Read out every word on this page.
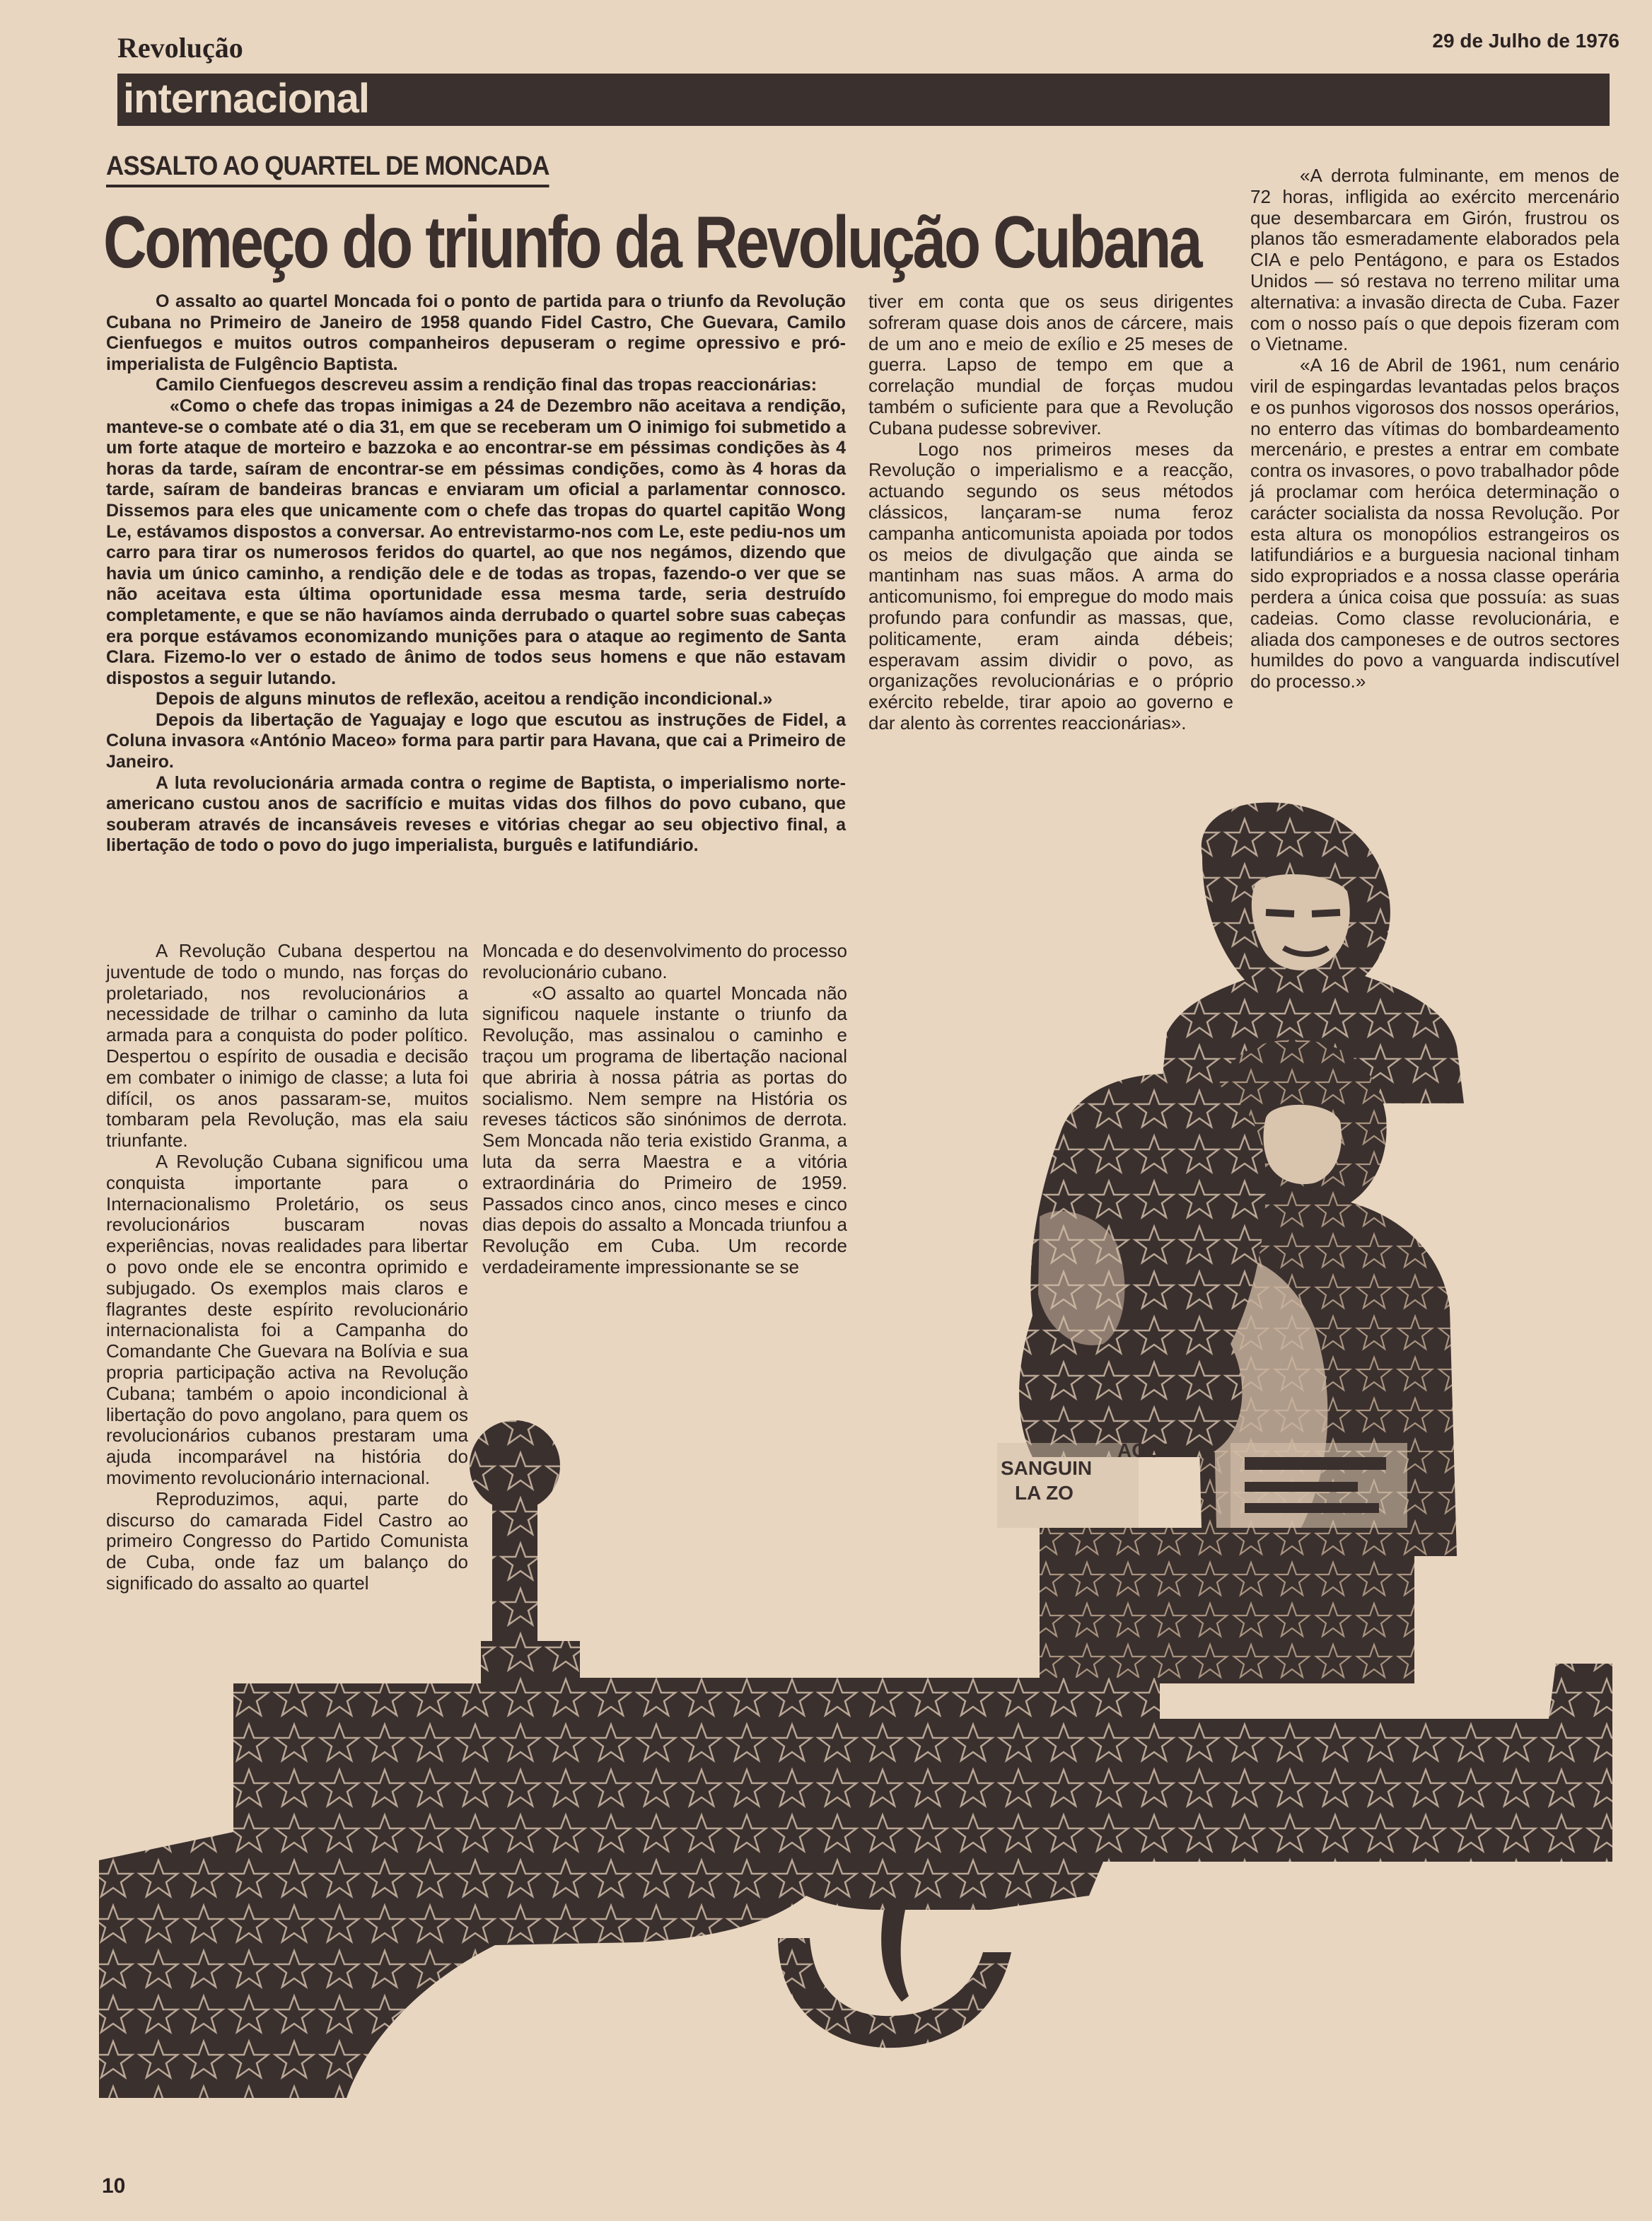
Revolução	29 de Julho de 1976
internacional
ASSALTO AO QUARTEL DE MONCADA
Começo do triunfo da Revolução Cubana

O assalto ao quartel Moncada foi o ponto de partida para o triunfo da Revolução Cubana no Primeiro de Janeiro de 1958 quando Fidel Castro, Che Guevara, Camilo Cienfuegos e muitos outros companheiros depuseram o regime opressivo e pró-imperialista de Fulgêncio Baptista.

Camilo Cienfuegos descreveu assim a rendição final das tropas reaccionárias:

«Como o chefe das tropas inimigas a 24 de Dezembro não aceitava a rendição, manteve-se o combate até o dia 31, em que se receberam um O inimigo foi submetido a um forte ataque de morteiro e bazzoka e ao encontrar-se em péssimas condições às 4 horas da tarde, saíram de encontrar-se em péssimas condições, como às 4 horas da tarde, saíram de bandeiras brancas e enviaram um oficial a parlamentar connosco. Dissemos para eles que unicamente com o chefe das tropas do quartel capitão Wong Le, estávamos dispostos a conversar. Ao entrevistarmo-nos com Le, este pediu-nos um carro para tirar os numerosos feridos do quartel, ao que nos negámos, dizendo que havia um único caminho, a rendição dele e de todas as tropas, fazendo-o ver que se não aceitava esta última oportunidade essa mesma tarde, seria destruído completamente, e que se não havíamos ainda derrubado o quartel sobre suas cabeças era porque estávamos economizando munições para o ataque ao regimento de Santa Clara. Fizemo-lo ver o estado de ânimo de todos seus homens e que não estavam dispostos a seguir lutando.

Depois de alguns minutos de reflexão, aceitou a rendição incondicional.»

Depois da libertação de Yaguajay e logo que escutou as instruções de Fidel, a Coluna invasora «António Maceo» forma para partir para Havana, que cai a Primeiro de Janeiro.

A luta revolucionária armada contra o regime de Baptista, o imperialismo norte-americano custou anos de sacrifício e muitas vidas dos filhos do povo cubano, que souberam através de incansáveis reveses e vitórias chegar ao seu objectivo final, a libertação de todo o povo do jugo imperialista, burguês e latifundiário.

tiver em conta que os seus dirigentes sofreram quase dois anos de cárcere, mais de um ano e meio de exílio e 25 meses de guerra. Lapso de tempo em que a correlação mundial de forças mudou também o suficiente para que a Revolução Cubana pudesse sobreviver.

Logo nos primeiros meses da Revolução o imperialismo e a reacção, actuando segundo os seus métodos clássicos, lançaram-se numa feroz campanha anticomunista apoiada por todos os meios de divulgação que ainda se mantinham nas suas mãos. A arma do anticomunismo, foi empregue do modo mais profundo para confundir as massas, que, politicamente, eram ainda débeis; esperavam assim dividir o povo, as organizações revolucionárias e o próprio exército rebelde, tirar apoio ao governo e dar alento às correntes reaccionárias».

«A derrota fulminante, em menos de 72 horas, infligida ao exército mercenário que desembarcara em Girón, frustrou os planos tão esmeradamente elaborados pela CIA e pelo Pentágono, e para os Estados Unidos — só restava no terreno militar uma alternativa: a invasão directa de Cuba. Fazer com o nosso país o que depois fizeram com o Vietname.

«A 16 de Abril de 1961, num cenário viril de espingardas levantadas pelos braços e os punhos vigorosos dos nossos operários, no enterro das vítimas do bombardeamento mercenário, e prestes a entrar em combate contra os invasores, o povo trabalhador pôde já proclamar com heróica determinação o carácter socialista da nossa Revolução. Por esta altura os monopólios estrangeiros os latifundiários e a burguesia nacional tinham sido expropriados e a nossa classe operária perdera a única coisa que possuía: as suas cadeias. Como classe revolucionária, e aliada dos camponeses e de outros sectores humildes do povo a vanguarda indiscutível do processo.»

A Revolução Cubana despertou na juventude de todo o mundo, nas forças do proletariado, nos revolucionários a necessidade de trilhar o caminho da luta armada para a conquista do poder político. Despertou o espírito de ousadia e decisão em combater o inimigo de classe; a luta foi difícil, os anos passaram-se, muitos tombaram pela Revolução, mas ela saiu triunfante.

A Revolução Cubana significou uma conquista importante para o Internacionalismo Proletário, os seus revolucionários buscaram novas experiências, novas realidades para libertar o povo onde ele se encontra oprimido e subjugado. Os exemplos mais claros e flagrantes deste espírito revolucionário internacionalista foi a Campanha do Comandante Che Guevara na Bolívia e sua propria participação activa na Revolução Cubana; também o apoio incondicional à libertação do povo angolano, para quem os revolucionários cubanos prestaram uma ajuda incomparável na história do movimento revolucionário internacional.

Reproduzimos, aqui, parte do discurso do camarada Fidel Castro ao primeiro Congresso do Partido Comunista de Cuba, onde faz um balanço do significado do assalto ao quartel

Moncada e do desenvolvimento do processo revolucionário cubano.

«O assalto ao quartel Moncada não significou naquele instante o triunfo da Revolução, mas assinalou o caminho e traçou um programa de libertação nacional que abriria à nossa pátria as portas do socialismo. Nem sempre na História os reveses tácticos são sinónimos de derrota. Sem Moncada não teria existido Granma, a luta da serra Maestra e a vitória extraordinária do Primeiro de 1959. Passados cinco anos, cinco meses e cinco dias depois do assalto a Moncada triunfou a Revolução em Cuba. Um recorde verdadeiramente impressionante se se

SANGUIN
AGURA
LA ZO
10
